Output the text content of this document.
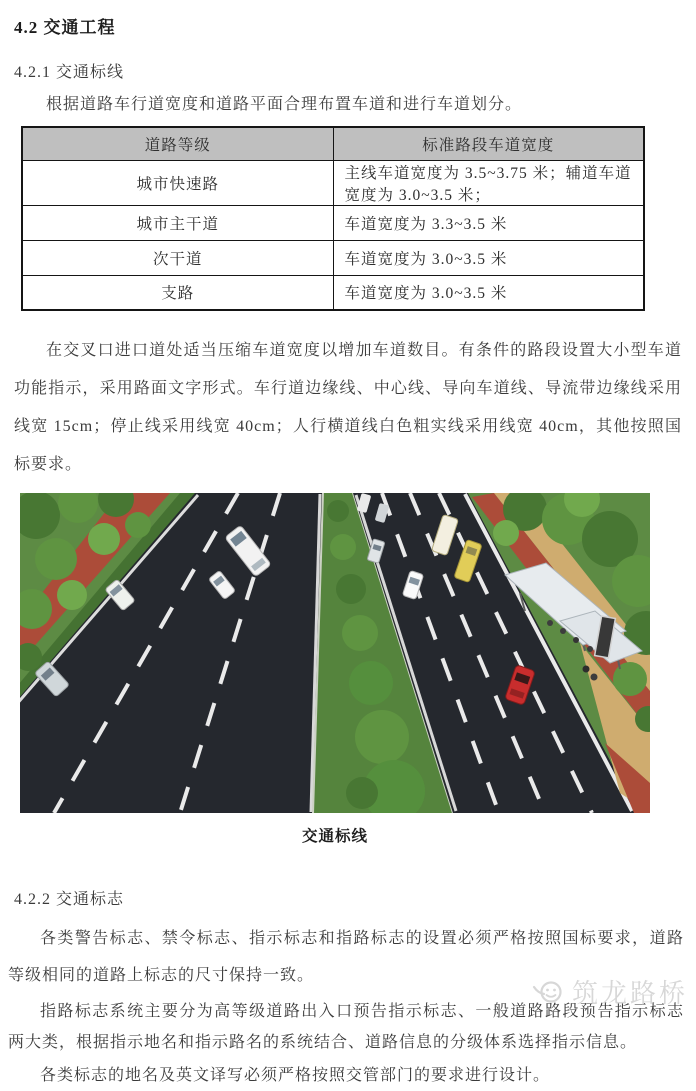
4.2 交通工程
4.2.1 交通标线

根据道路车行道宽度和道路平面合理布置车道和进行车道划分。

道路等级	标准路段车道宽度
城市快速路	主线车道宽度为 3.5~3.75 米；辅道车道宽度为 3.0~3.5 米；
城市主干道	车道宽度为 3.3~3.5 米
次干道	车道宽度为 3.0~3.5 米
支路	车道宽度为 3.0~3.5 米

在交叉口进口道处适当压缩车道宽度以增加车道数目。有条件的路段设置大小型车道功能指示，采用路面文字形式。车行道边缘线、中心线、导向车道线、导流带边缘线采用线宽 15cm；停止线采用线宽 40cm；人行横道线白色粗实线采用线宽 40cm，其他按照国标要求。

交通标线
4.2.2 交通标志

各类警告标志、禁令标志、指示标志和指路标志的设置必须严格按照国标要求，道路等级相同的道路上标志的尺寸保持一致。

指路标志系统主要分为高等级道路出入口预告指示标志、一般道路路段预告指示标志两大类，根据指示地名和指示路名的系统结合、道路信息的分级体系选择指示信息。

各类标志的地名及英文译写必须严格按照交管部门的要求进行设计。

筑龙路桥
